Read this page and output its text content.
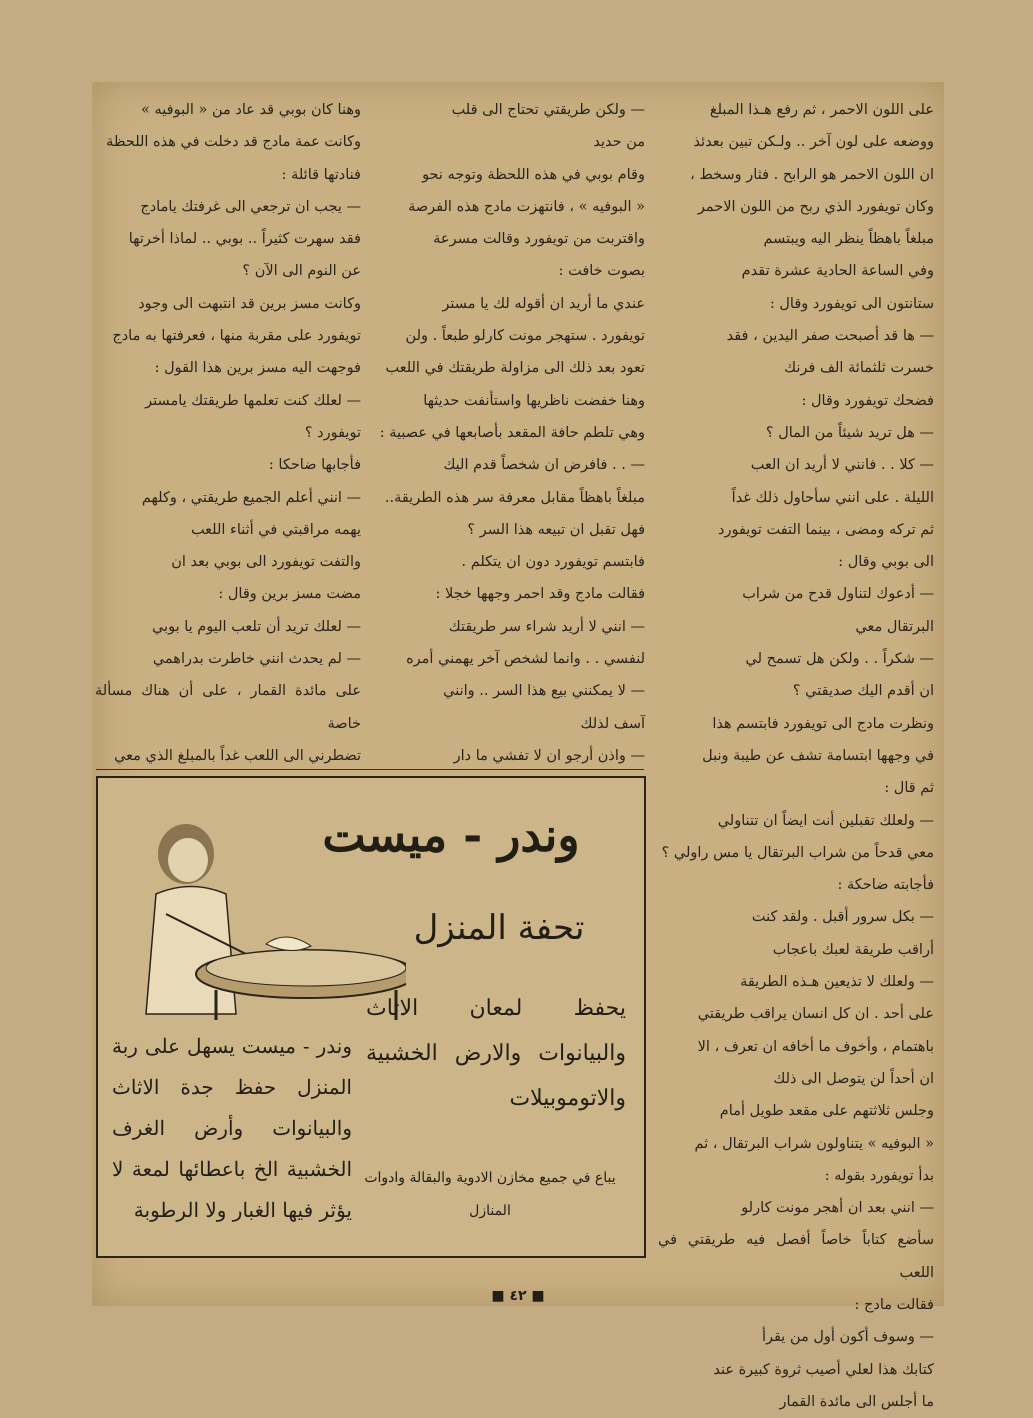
على اللون الاحمر ، ثم رفع هـذا المبلغ

ووضعه على لون آخر .. ولـكن تبين بعدئذ

ان اللون الاحمر هو الرابح . فثار وسخط ،

وكان تويفورد الذي ربح من اللون الاحمر

مبلغاً باهظاً ينظر اليه ويبتسم

وفي الساعة الحادية عشرة تقدم

ستانتون الى تويفورد وقال :

— ها قد أصبحت صفر اليدين ، فقد

خسرت ثلثمائة الف فرنك

فضحك تويفورد وقال :

— هل تريد شيئاً من المال ؟

— كلا . . فانني لا أريد ان العب

الليلة . على انني سأحاول ذلك غداً

ثم تركه ومضى ، بينما التفت تويفورد

الى بوبي وقال :

— أدعوك لتناول قدح من شراب

البرتقال معي

— شكراً . . ولكن هل تسمح لي

ان أقدم اليك صديقتي ؟

ونظرت مادج الى تويفورد فابتسم هذا

في وجهها ابتسامة تشف عن طيبة ونبل

ثم قال :

— ولعلك تقبلين أنت ايضاً ان تتناولي

معي قدحاً من شراب البرتقال يا مس راولي ؟

فأجابته ضاحكة :

— بكل سرور أقبل . ولقد كنت

أراقب طريقة لعبك باعجاب

— ولعلك لا تذيعين هـذه الطريقة

على أحد . ان كل انسان يراقب طريقتي

باهتمام ، وأخوف ما أخافه ان تعرف ، الا

ان أحداً لن يتوصل الى ذلك

وجلس ثلاثتهم على مقعد طويل أمام

« البوفيه » يتناولون شراب البرتقال ، ثم

بدأ تويفورد بقوله :

— انني بعد ان أهجر مونت كارلو

سأضع كتاباً خاصاً أفصل فيه طريقتي في اللعب

فقالت مادج :

— وسوف أكون أول من يقرأ

كتابك هذا لعلي أصيب ثروة كبيرة عند

ما أجلس الى مائدة القمار

— ولكن طريقتي تحتاج الى قلب

من حديد

وقام بوبي في هذه اللحظة وتوجه نحو

« البوفيه » ، فانتهزت مادج هذه الفرصة

واقتربت من تويفورد وقالت مسرعة

بصوت خافت :

عندي ما أريد ان أقوله لك يا مستر

تويفورد . ستهجر مونت كارلو طبعاً . ولن

تعود بعد ذلك الى مزاولة طريقتك في اللعب

وهنا خفضت ناظريها واستأنفت حديثها

وهي تلطم حافة المقعد بأصابعها في عصبية :

— . . فافرض ان شخصاً قدم اليك

مبلغاً باهظاً مقابل معرفة سر هذه الطريقة..

فهل تقبل ان تبيعه هذا السر ؟

فابتسم تويفورد دون ان يتكلم .

فقالت مادج وقد احمر وجهها خجلا :

— انني لا أريد شراء سر طريقتك

لنفسي . . وانما لشخص آخر يهمني أمره

— لا يمكنني بيع هذا السر .. وانني

آسف لذلك

— واذن أرجو ان لا تفشي ما دار

وهنا كان بوبي قد عاد من « البوفيه »

وكانت عمة مادج قد دخلت في هذه اللحظة

فنادتها قائلة :

— يجب ان ترجعي الى غرفتك يامادج

فقد سهرت كثيراً .. بوبي .. لماذا أخرتها

عن النوم الى الآن ؟

وكانت مسز برين قد انتبهت الى وجود

تويفورد على مقربة منها ، فعرفتها به مادج

فوجهت اليه مسز برين هذا القول :

— لعلك كنت تعلمها طريقتك يامستر

تويفورد ؟

فأجابها ضاحكا :

— انني أعلم الجميع طريقتي ، وكلهم

يهمه مراقبتي في أثناء اللعب

والتفت تويفورد الى بوبي بعد ان

مضت مسز برين وقال :

— لعلك تريد أن تلعب اليوم يا بوبي

— لم يحدث انني خاطرت بدراهمي

على مائدة القمار ، على أن هناك مسألة خاصة

تضطرني الى اللعب غداً بالمبلغ الذي معي

وندر - ميست
تحفة المنزل
يحفظ لمعان الاثاث والبيانوات والارض الخشبية والاتوموبيلات
وندر - ميست يسهل على ربة المنزل حفظ جدة الاثاث والبيانوات وأرض الغرف الخشبية الخ باعطائها لمعة لا يؤثر فيها الغبار ولا الرطوبة
يباع في جميع مخازن الادوية والبقالة وادوات المنازل
■ ٤٢ ■
